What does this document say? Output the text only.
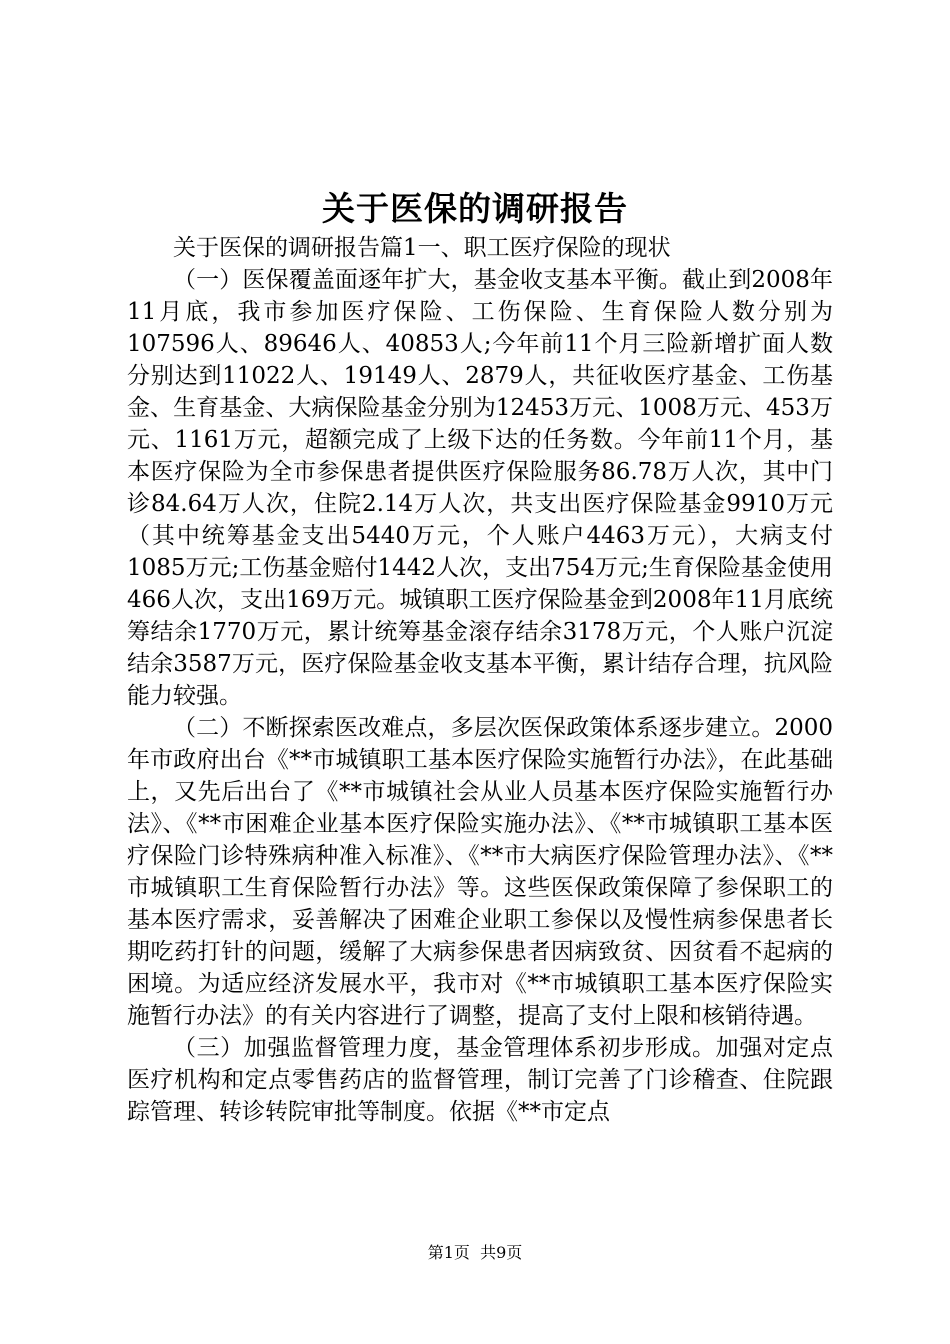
关于医保的调研报告

关于医保的调研报告篇1一、职工医疗保险的现状

（一）医保覆盖面逐年扩大，基金收支基本平衡。截止到2008年11月底，我市参加医疗保险、工伤保险、生育保险人数分别为107596人、89646人、40853人;今年前11个月三险新增扩面人数分别达到11022人、19149人、2879人，共征收医疗基金、工伤基金、生育基金、大病保险基金分别为12453万元、1008万元、453万元、1161万元，超额完成了上级下达的任务数。今年前11个月，基本医疗保险为全市参保患者提供医疗保险服务86.78万人次，其中门诊84.64万人次，住院2.14万人次，共支出医疗保险基金9910万元（其中统筹基金支出5440万元，个人账户4463万元），大病支付1085万元;工伤基金赔付1442人次，支出754万元;生育保险基金使用466人次，支出169万元。城镇职工医疗保险基金到2008年11月底统筹结余1770万元，累计统筹基金滚存结余3178万元，个人账户沉淀结余3587万元，医疗保险基金收支基本平衡，累计结存合理，抗风险能力较强。

（二）不断探索医改难点，多层次医保政策体系逐步建立。2000年市政府出台《**市城镇职工基本医疗保险实施暂行办法》，在此基础上，又先后出台了《**市城镇社会从业人员基本医疗保险实施暂行办法》、《**市困难企业基本医疗保险实施办法》、《**市城镇职工基本医疗保险门诊特殊病种准入标准》、《**市大病医疗保险管理办法》、《**市城镇职工生育保险暂行办法》等。这些医保政策保障了参保职工的基本医疗需求，妥善解决了困难企业职工参保以及慢性病参保患者长期吃药打针的问题，缓解了大病参保患者因病致贫、因贫看不起病的困境。为适应经济发展水平，我市对《**市城镇职工基本医疗保险实施暂行办法》的有关内容进行了调整，提高了支付上限和核销待遇。

（三）加强监督管理力度，基金管理体系初步形成。加强对定点医疗机构和定点零售药店的监督管理，制订完善了门诊稽查、住院跟踪管理、转诊转院审批等制度。依据《**市定点

第1页 共9页
